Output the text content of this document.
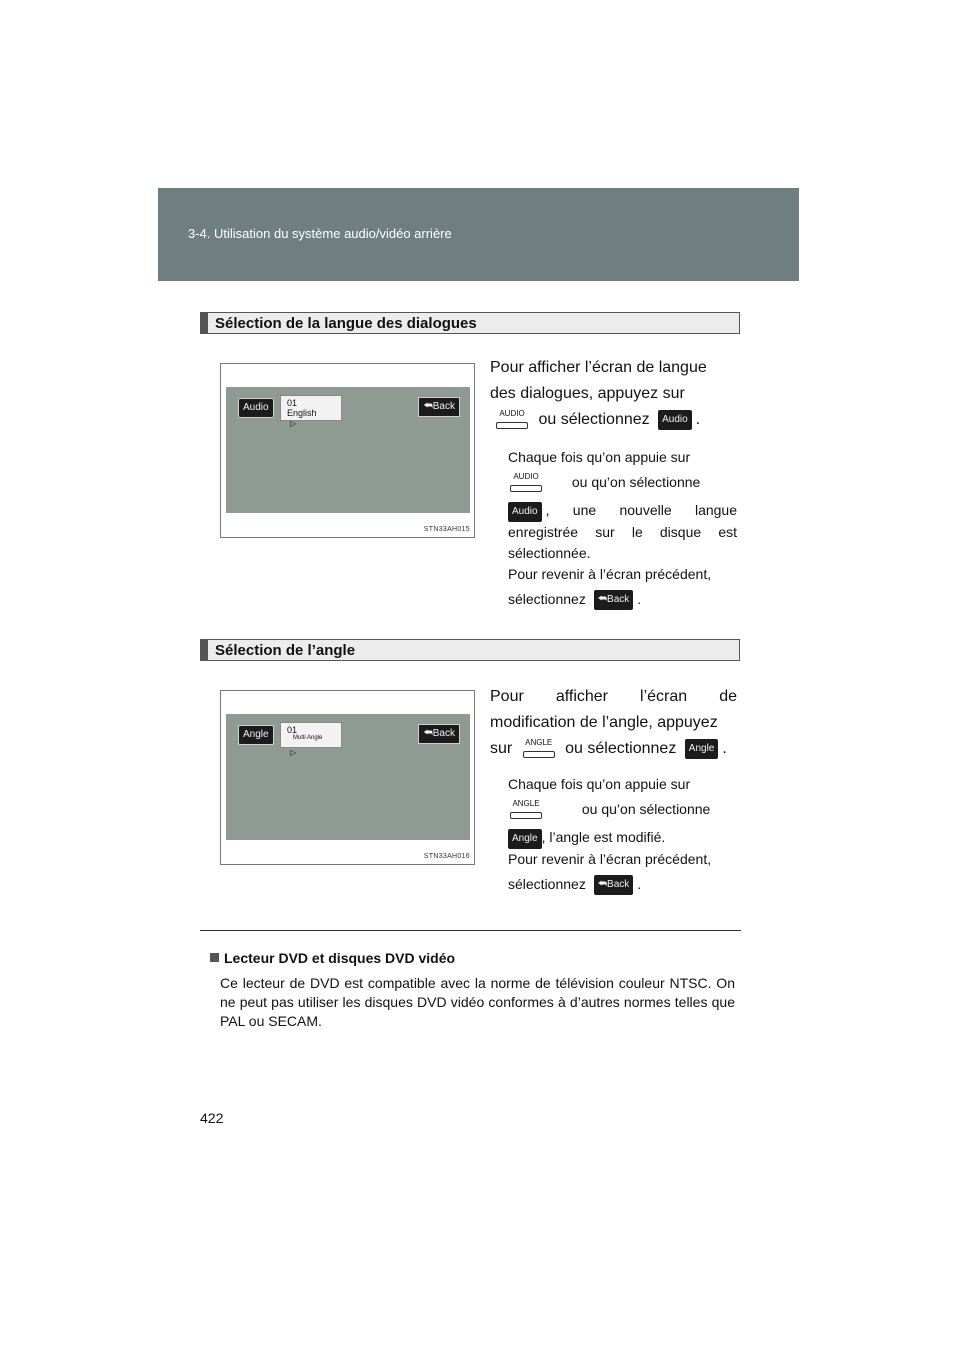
3-4. Utilisation du système audio/vidéo arrière
Sélection de la langue des dialogues
Audio	01
English
▷
⮪Back
STN33AH015
Pour afficher l’écran de langue
des dialogues, appuyez sur
AUDIO ou sélectionnez Audio .
Chaque fois qu’on appuie sur
AUDIO	ou qu’on sélectionne
Audio , une nouvelle langue enregistrée sur le disque est sélectionnée.
Pour revenir à l’écran précédent,
sélectionnez ⮪Back .
Sélection de l’angle
Angle	01 Multi Angle
▷
⮪Back
STN33AH016
Pour afficher l’écran de
modification de l’angle, appuyez
sur	ANGLE ou sélectionnez Angle .
Chaque fois qu’on appuie sur
ANGLE	ou qu’on sélectionne
Angle , l’angle est modifié.
Pour revenir à l’écran précédent,
sélectionnez ⮪Back .
Lecteur DVD et disques DVD vidéo
Ce lecteur de DVD est compatible avec la norme de télévision couleur NTSC. On ne peut pas utiliser les disques DVD vidéo conformes à d’autres normes telles que PAL ou SECAM.
422
